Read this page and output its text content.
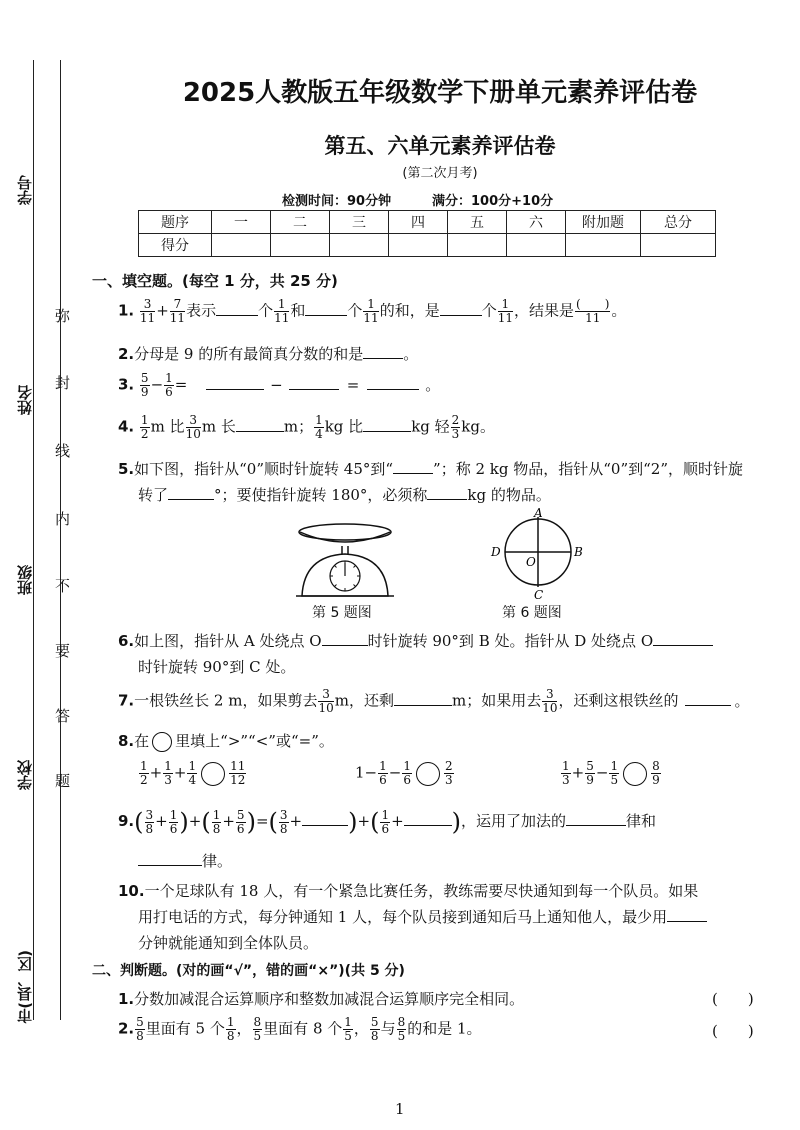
学号
姓名
班级
学校
市(县、区)
弥
封
线
内
不
要
答
题
2025人教版五年级数学下册单元素养评估卷
第五、六单元素养评估卷
(第二次月考)
检测时间：90分钟	满分：100分+10分
题序	一	二	三	四	五	六	附加题	总分
得分								
一、填空题。(每空 1 分，共 25 分)
1. $\frac{3}{11} + \frac{7}{11}$ 表示	个 $\frac{1}{11}$ 和	个 $\frac{1}{11}$ 的和，是	个 $\frac{1}{11}$ ，结果是 $\frac{( )}{11}$ 。
2.分母是 9 的所有最简真分数的和是	。
3. $\frac{5}{9} - \frac{1}{6}$ =	−	=	。
4. $\frac{1}{2}$ m 比 $\frac{3}{10}$ m 长	m； $\frac{1}{4}$ kg 比	kg 轻 $\frac{2}{3}$ kg。
5.如下图，指针从“0”顺时针旋转 45°到“	”；称 2 kg 物品，指针从“0”到“2”，顺时针旋
转了	°；要使指针旋转 180°，必须称	kg 的物品。
第 5 题图
A
B
C
D
O
第 6 题图
6.如上图，指针从 A 处绕点 O	时针旋转 90°到 B 处。指针从 D 处绕点 O
时针旋转 90°到 C 处。
7.一根铁丝长 2 m，如果剪去 $\frac{3}{10}$ m，还剩	m；如果用去 $\frac{3}{10}$ ，还剩这根铁丝的	。
8.在 里填上“>”“<”或“=”。
$\frac{1}{2} + \frac{1}{3} + \frac{1}{4}$	$\frac{11}{12}$	$1- \frac{1}{6} - \frac{1}{6}$	$\frac{2}{3}$	$\frac{1}{3} + \frac{5}{9} - \frac{1}{5}$	$\frac{8}{9}$
$9.( \frac{3}{8} + \frac{1}{6}$ )+( $\frac{1}{8} + \frac{5}{6}$ )=( $\frac{3}{8}$ + )+( $\frac{1}{6}$ + )，运用了加法的	律和
律。
10.一个足球队有 18 人，有一个紧急比赛任务，教练需要尽快通知到每一个队员。如果
用打电话的方式，每分钟通知 1 人，每个队员接到通知后马上通知他人，最少用
分钟就能通知到全体队员。
二、判断题。(对的画“√”，错的画“×”)(共 5 分)
1.分数加减混合运算顺序和整数加减混合运算顺序完全相同。	(　　)
2. $\frac{5}{8}$ 里面有 5 个 $\frac{1}{8}$ ， $\frac{8}{5}$ 里面有 8 个 $\frac{1}{5}$ ， $\frac{5}{8}$ 与 $\frac{8}{5}$ 的和是 1。	(　　)
1
